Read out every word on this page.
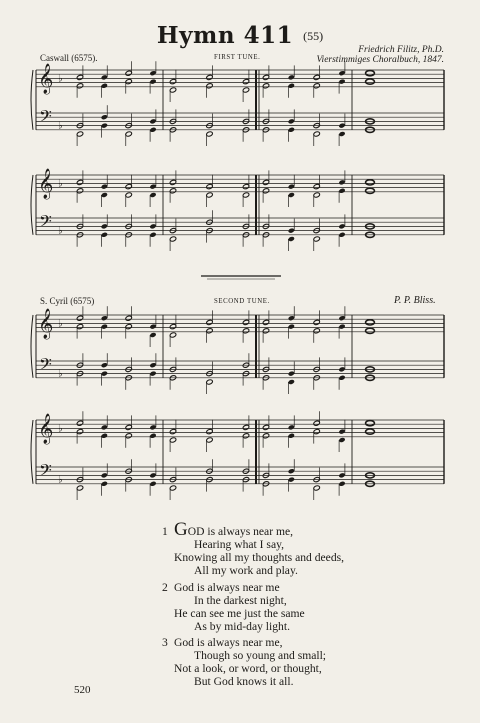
Hymn 411 (55)
Friedrich Filitz, Ph.D.
Vierstimmiges Choralbuch, 1847.
Caswall (6575).	FIRST TUNE.
S. Cyril (6575)	SECOND TUNE.	P. P. Bliss.
𝄞
𝄢
♭
♭
𝄞
𝄢
♭
♭
𝄞
𝄢
♭
♭
𝄞
𝄢
♭
♭
1 GOD is always near me,
Hearing what I say,
Knowing all my thoughts and deeds,
All my work and play.
2 God is always near me
In the darkest night,
He can see me just the same
As by mid-day light.
3 God is always near me,
Though so young and small;
Not a look, or word, or thought,
But God knows it all.
520
